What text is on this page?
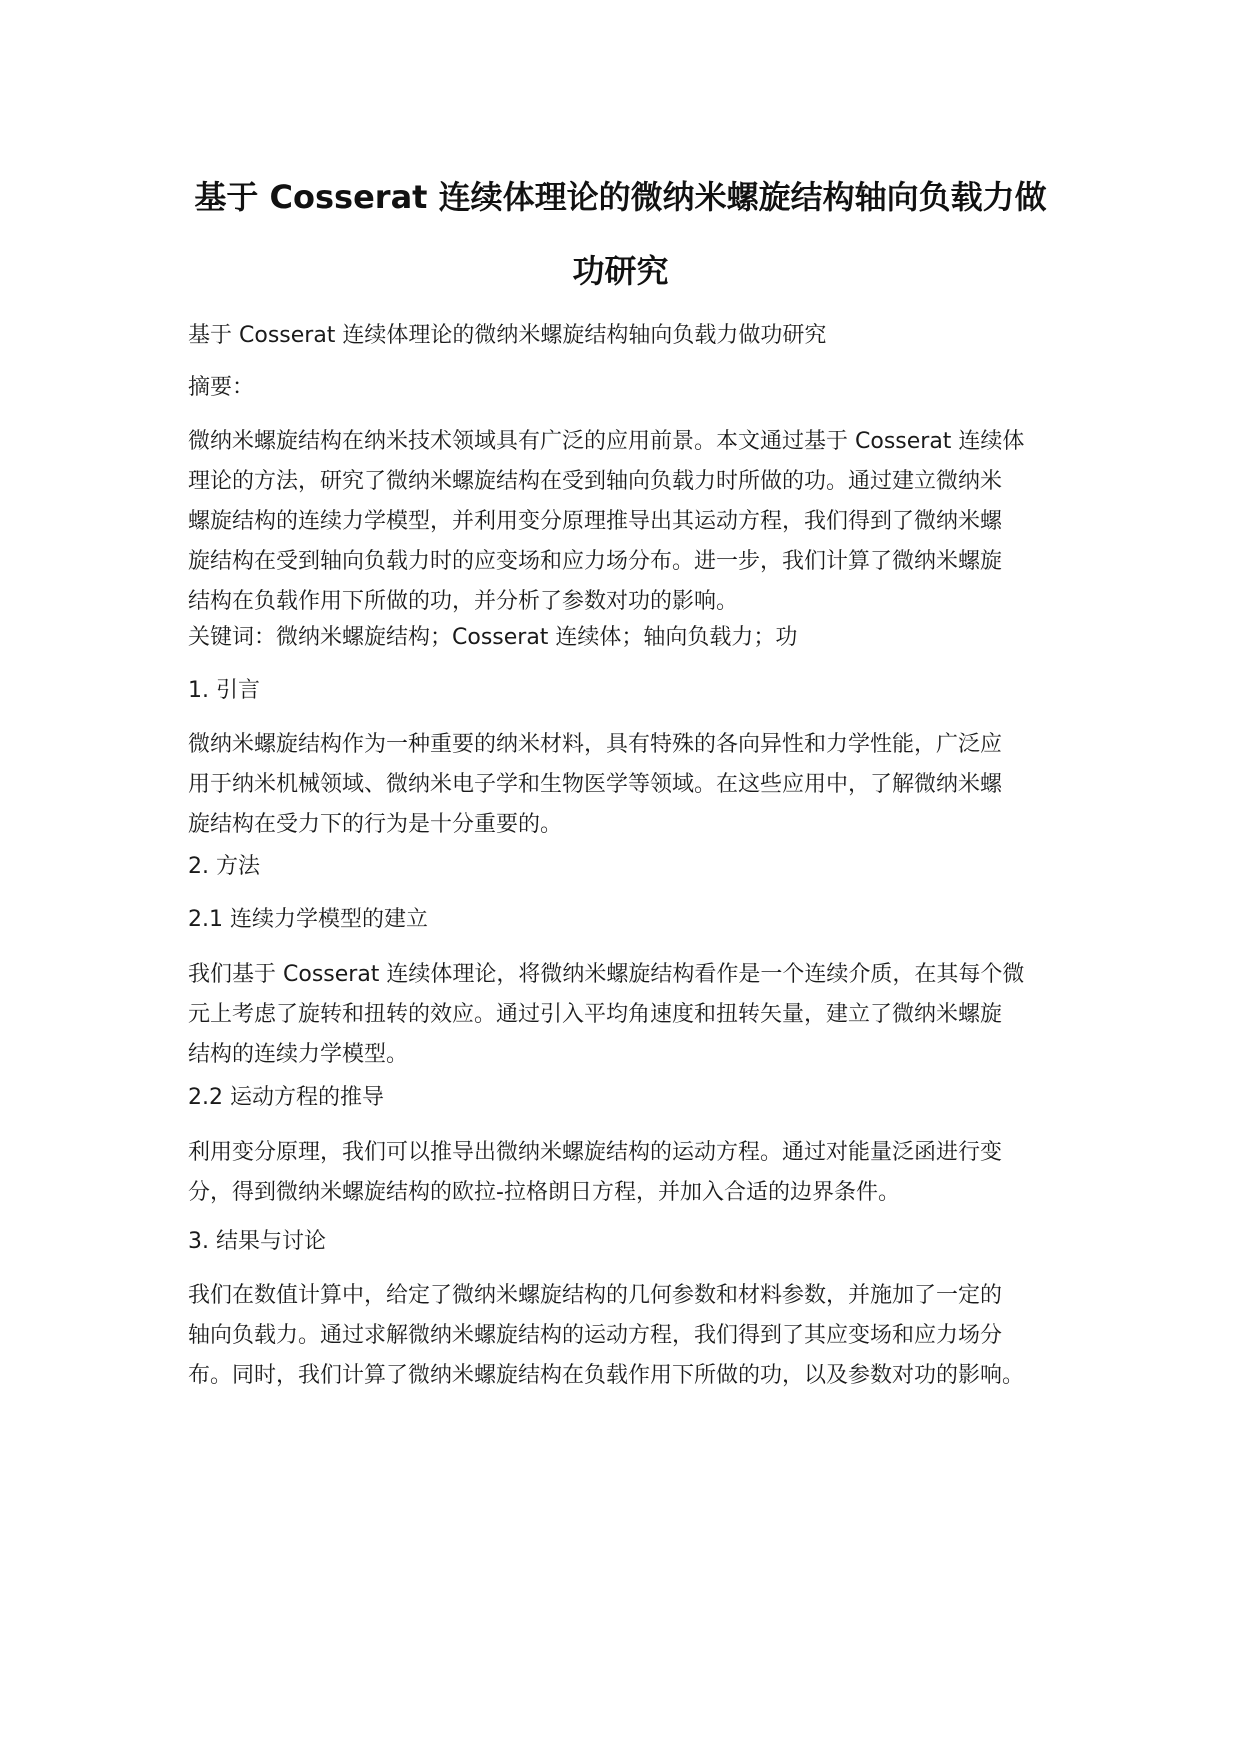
基于 Cosserat 连续体理论的微纳米螺旋结构轴向负载力做功研究

基于 Cosserat 连续体理论的微纳米螺旋结构轴向负载力做功研究

摘要：

微纳米螺旋结构在纳米技术领域具有广泛的应用前景。本文通过基于 Cosserat 连续体
理论的方法，研究了微纳米螺旋结构在受到轴向负载力时所做的功。通过建立微纳米
螺旋结构的连续力学模型，并利用变分原理推导出其运动方程，我们得到了微纳米螺
旋结构在受到轴向负载力时的应变场和应力场分布。进一步，我们计算了微纳米螺旋
结构在负载作用下所做的功，并分析了参数对功的影响。

关键词：微纳米螺旋结构；Cosserat 连续体；轴向负载力；功

1. 引言

微纳米螺旋结构作为一种重要的纳米材料，具有特殊的各向异性和力学性能，广泛应
用于纳米机械领域、微纳米电子学和生物医学等领域。在这些应用中，了解微纳米螺
旋结构在受力下的行为是十分重要的。

2. 方法

2.1 连续力学模型的建立

我们基于 Cosserat 连续体理论，将微纳米螺旋结构看作是一个连续介质，在其每个微
元上考虑了旋转和扭转的效应。通过引入平均角速度和扭转矢量，建立了微纳米螺旋
结构的连续力学模型。

2.2 运动方程的推导

利用变分原理，我们可以推导出微纳米螺旋结构的运动方程。通过对能量泛函进行变
分，得到微纳米螺旋结构的欧拉-拉格朗日方程，并加入合适的边界条件。

3. 结果与讨论

我们在数值计算中，给定了微纳米螺旋结构的几何参数和材料参数，并施加了一定的
轴向负载力。通过求解微纳米螺旋结构的运动方程，我们得到了其应变场和应力场分
布。同时，我们计算了微纳米螺旋结构在负载作用下所做的功，以及参数对功的影响。
